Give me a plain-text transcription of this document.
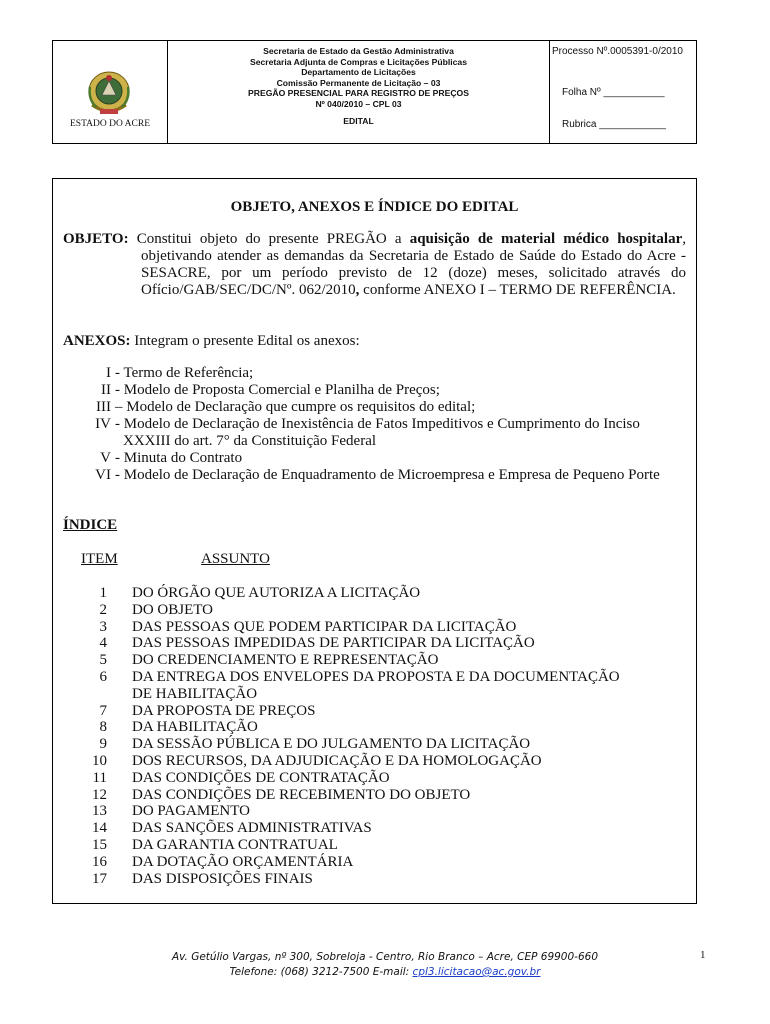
ESTADO DO ACRE
Secretaria de Estado da Gestão Administrativa
Secretaria Adjunta de Compras e Licitações Públicas
Departamento de Licitações
Comissão Permanente de Licitação – 03
PREGÃO PRESENCIAL PARA REGISTRO DE PREÇOS
Nº 040/2010 – CPL 03
EDITAL
Processo Nº.0005391-0/2010
Folha Nº ___________
Rubrica ____________
OBJETO, ANEXOS E ÍNDICE DO EDITAL
OBJETO: Constitui objeto do presente PREGÃO a aquisição de material médico hospitalar, objetivando atender as demandas da Secretaria de Estado de Saúde do Estado do Acre - SESACRE, por um período previsto de 12 (doze) meses, solicitado através do Ofício/GAB/SEC/DC/Nº. 062/2010, conforme ANEXO I – TERMO DE REFERÊNCIA.
ANEXOS: Integram o presente Edital os anexos:
I - Termo de Referência;
II - Modelo de Proposta Comercial e Planilha de Preços;
III – Modelo de Declaração que cumpre os requisitos do edital;
IV - Modelo de Declaração de Inexistência de Fatos Impeditivos e Cumprimento do Inciso
XXXIII do art. 7° da Constituição Federal
V - Minuta do Contrato
VI - Modelo de Declaração de Enquadramento de Microempresa e Empresa de Pequeno Porte
ÍNDICE
ITEM	ASSUNTO
1	DO ÓRGÃO QUE AUTORIZA A LICITAÇÃO
2	DO OBJETO
3	DAS PESSOAS QUE PODEM PARTICIPAR DA LICITAÇÃO
4	DAS PESSOAS IMPEDIDAS DE PARTICIPAR DA LICITAÇÃO
5	DO CREDENCIAMENTO E REPRESENTAÇÃO
6	DA ENTREGA DOS ENVELOPES DA PROPOSTA E DA DOCUMENTAÇÃO
DE HABILITAÇÃO
7	DA PROPOSTA DE PREÇOS
8	DA HABILITAÇÃO
9	DA SESSÃO PÚBLICA E DO JULGAMENTO DA LICITAÇÃO
10	DOS RECURSOS, DA ADJUDICAÇÃO E DA HOMOLOGAÇÃO
11	DAS CONDIÇÕES DE CONTRATAÇÃO
12	DAS CONDIÇÕES DE RECEBIMENTO DO OBJETO
13	DO PAGAMENTO
14	DAS SANÇÕES ADMINISTRATIVAS
15	DA GARANTIA CONTRATUAL
16	DA DOTAÇÃO ORÇAMENTÁRIA
17	DAS DISPOSIÇÕES FINAIS
Av. Getúlio Vargas, nº 300, Sobreloja - Centro, Rio Branco – Acre, CEP 69900-660
Telefone: (068) 3212-7500 E-mail: cpl3.licitacao@ac.gov.br
1
